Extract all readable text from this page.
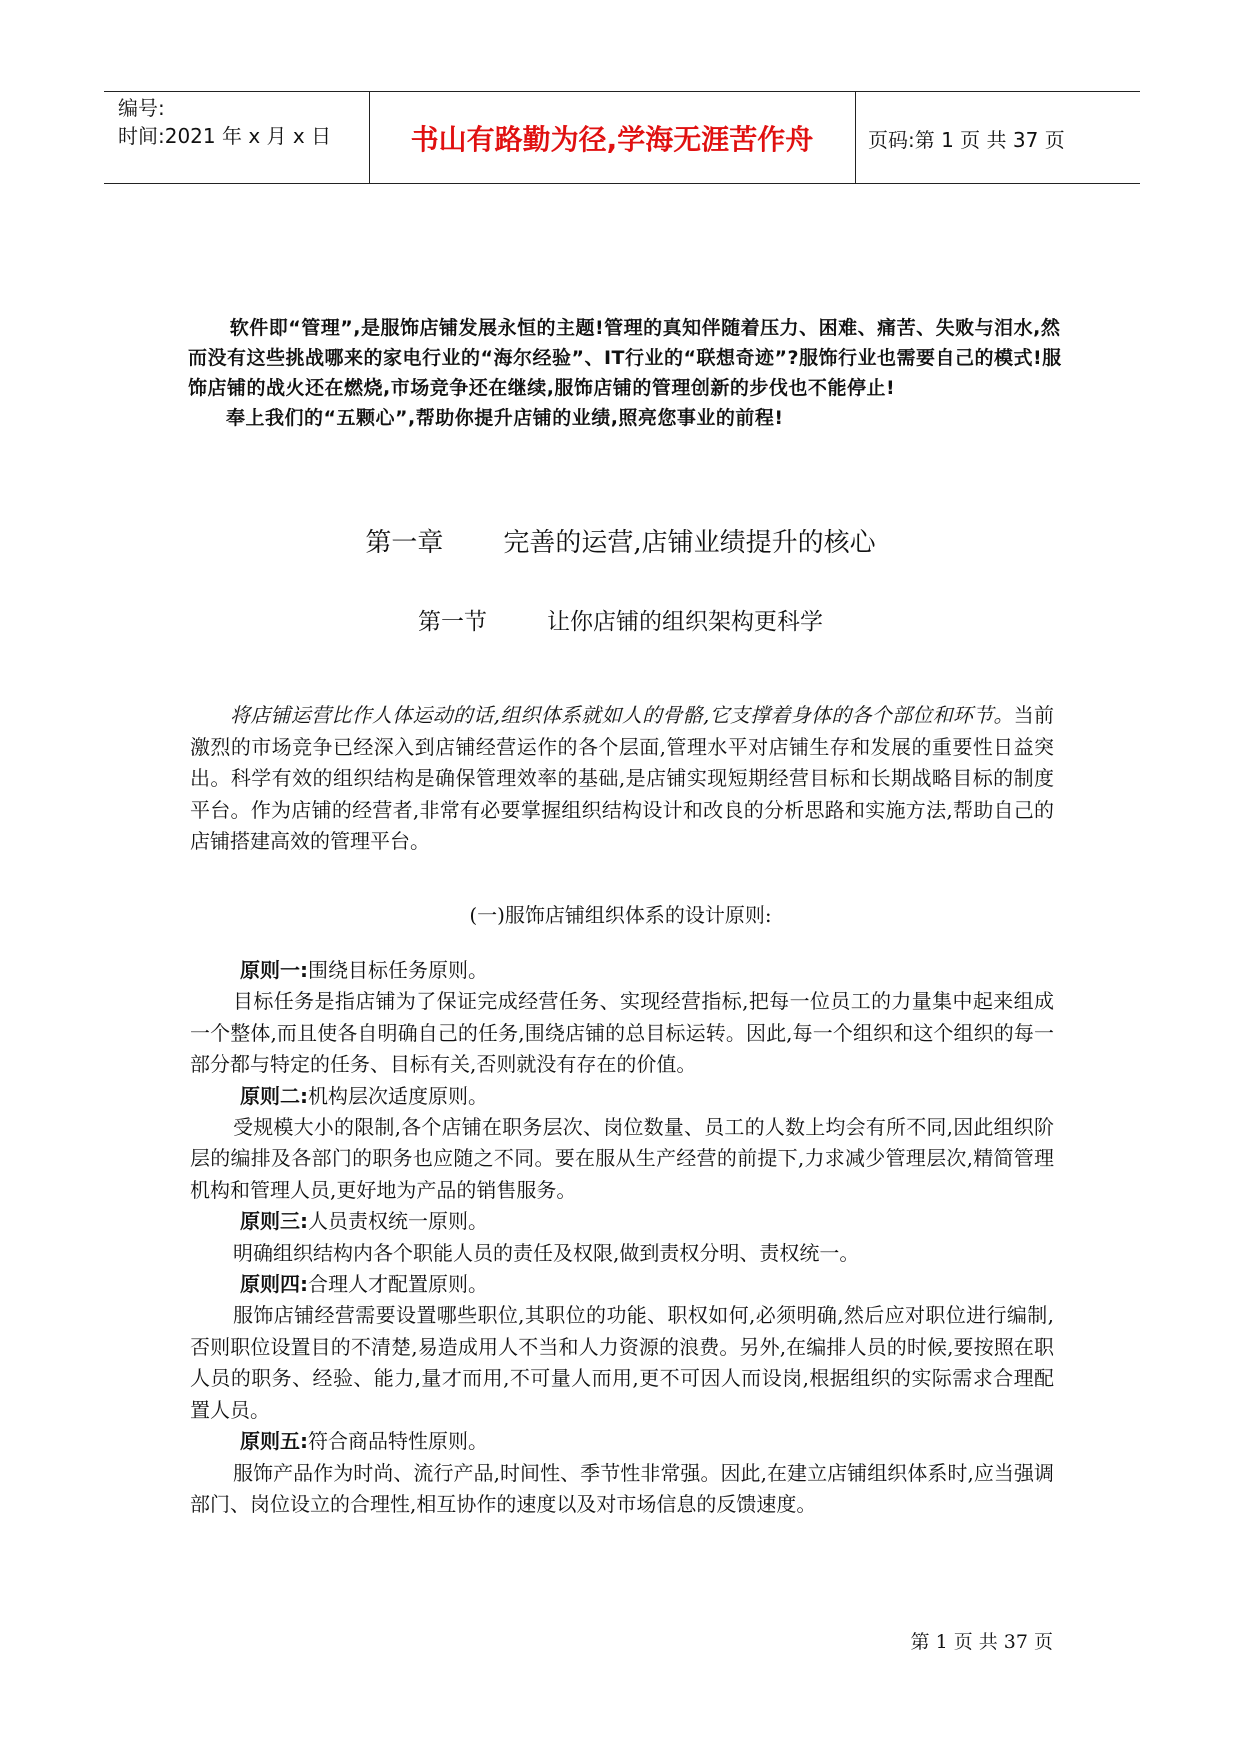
编号:
时间:2021 年 x 月 x 日	书山有路勤为径,学海无涯苦作舟	页码:第 1 页 共 37 页

软件即“管理”,是服饰店铺发展永恒的主题!管理的真知伴随着压力、困难、痛苦、失败与泪水,然而没有这些挑战哪来的家电行业的“海尔经验”、IT行业的“联想奇迹”?服饰行业也需要自己的模式!服饰店铺的战火还在燃烧,市场竞争还在继续,服饰店铺的管理创新的步伐也不能停止!

奉上我们的“五颗心”,帮助你提升店铺的业绩,照亮您事业的前程!

第一章 完善的运营,店铺业绩提升的核心
第一节	让你店铺的组织架构更科学

将店铺运营比作人体运动的话,组织体系就如人的骨骼,它支撑着身体的各个部位和环节。当前激烈的市场竞争已经深入到店铺经营运作的各个层面,管理水平对店铺生存和发展的重要性日益突出。科学有效的组织结构是确保管理效率的基础,是店铺实现短期经营目标和长期战略目标的制度平台。作为店铺的经营者,非常有必要掌握组织结构设计和改良的分析思路和实施方法,帮助自己的店铺搭建高效的管理平台。

(一)服饰店铺组织体系的设计原则:

原则一:围绕目标任务原则。

目标任务是指店铺为了保证完成经营任务、实现经营指标,把每一位员工的力量集中起来组成一个整体,而且使各自明确自己的任务,围绕店铺的总目标运转。因此,每一个组织和这个组织的每一部分都与特定的任务、目标有关,否则就没有存在的价值。

原则二:机构层次适度原则。

受规模大小的限制,各个店铺在职务层次、岗位数量、员工的人数上均会有所不同,因此组织阶层的编排及各部门的职务也应随之不同。要在服从生产经营的前提下,力求减少管理层次,精简管理机构和管理人员,更好地为产品的销售服务。

原则三:人员责权统一原则。

明确组织结构内各个职能人员的责任及权限,做到责权分明、责权统一。

原则四:合理人才配置原则。

服饰店铺经营需要设置哪些职位,其职位的功能、职权如何,必须明确,然后应对职位进行编制,否则职位设置目的不清楚,易造成用人不当和人力资源的浪费。另外,在编排人员的时候,要按照在职人员的职务、经验、能力,量才而用,不可量人而用,更不可因人而设岗,根据组织的实际需求合理配置人员。

原则五:符合商品特性原则。

服饰产品作为时尚、流行产品,时间性、季节性非常强。因此,在建立店铺组织体系时,应当强调部门、岗位设立的合理性,相互协作的速度以及对市场信息的反馈速度。

第 1 页 共 37 页
